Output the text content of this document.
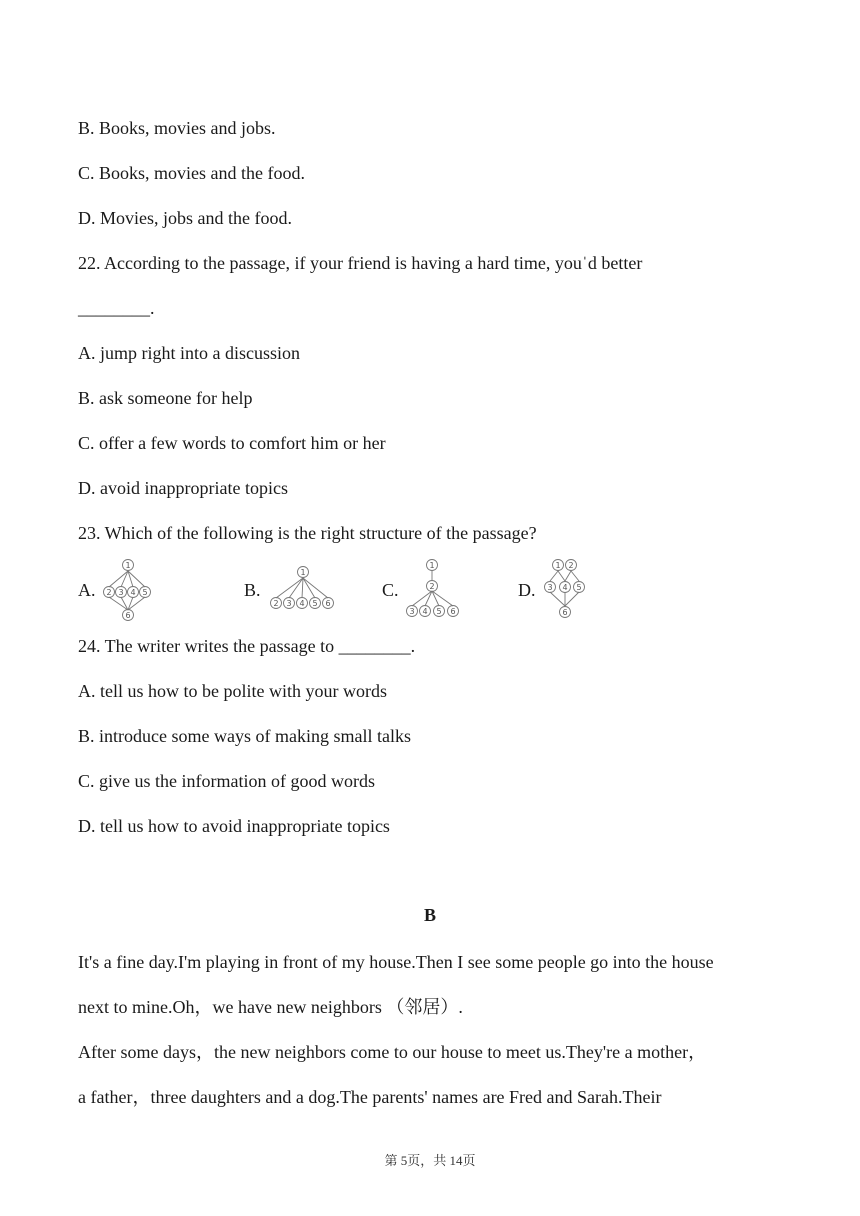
B. Books, movies and jobs.
C. Books, movies and the food.
D. Movies, jobs and the food.
22. According to the passage, if your friend is having a hard time, youˈd better
________.
A. jump right into a discussion
B. ask someone for help
C. offer a few words to comfort him or her
D. avoid inappropriate topics
23. Which of the following is the right structure of the passage?
A.
1
2 3 4 5
6
B.
1
2 3 4 5 6
C.
1
2
3 4 5 6
D.
1 2
3 4 5
6
24. The writer writes the passage to ________.
A. tell us how to be polite with your words
B. introduce some ways of making small talks
C. give us the information of good words
D. tell us how to avoid inappropriate topics
B
It's a fine day.I'm playing in front of my house.Then I see some people go into the house
next to mine.Oh，we have new neighbors （邻居）.
After some days，the new neighbors come to our house to meet us.They're a mother，
a father，three daughters and a dog.The parents' names are Fred and Sarah.Their
第 5页，共 14页
